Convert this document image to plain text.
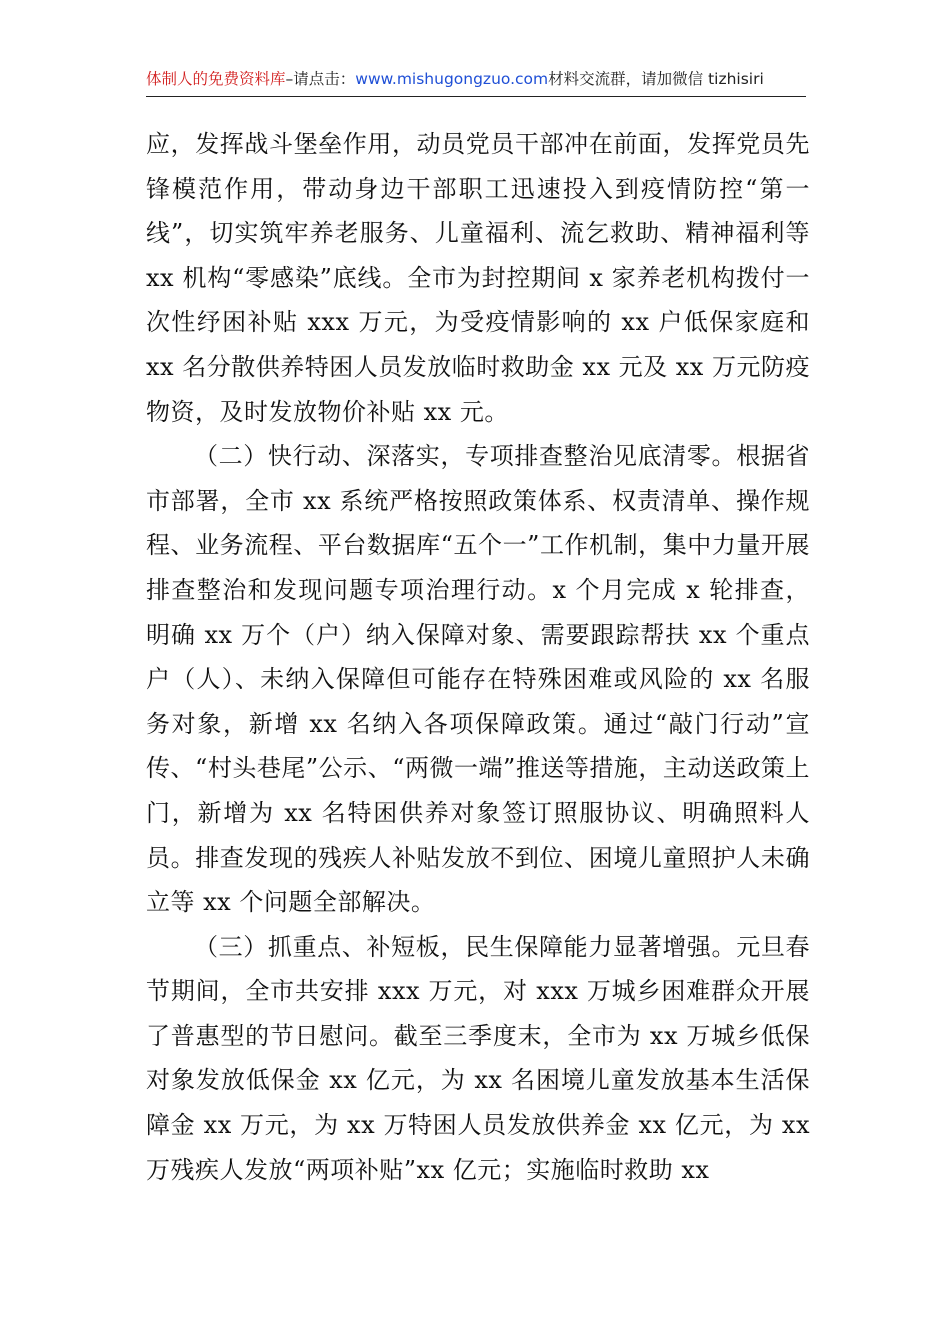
体制人的免费资料库–请点击：www.mishugongzuo.com材料交流群，请加微信 tizhisiri

应，发挥战斗堡垒作用，动员党员干部冲在前面，发挥党员先锋模范作用，带动身边干部职工迅速投入到疫情防控“第一线”，切实筑牢养老服务、儿童福利、流乞救助、精神福利等 xx 机构“零感染”底线。全市为封控期间 x 家养老机构拨付一次性纾困补贴 xxx 万元，为受疫情影响的 xx 户低保家庭和 xx 名分散供养特困人员发放临时救助金 xx 元及 xx 万元防疫物资，及时发放物价补贴 xx 元。

（二）快行动、深落实，专项排查整治见底清零。根据省市部署，全市 xx 系统严格按照政策体系、权责清单、操作规程、业务流程、平台数据库“五个一”工作机制，集中力量开展排查整治和发现问题专项治理行动。x 个月完成 x 轮排查，明确 xx 万个（户）纳入保障对象、需要跟踪帮扶 xx 个重点户（人）、未纳入保障但可能存在特殊困难或风险的 xx 名服务对象，新增 xx 名纳入各项保障政策。通过“敲门行动”宣传、“村头巷尾”公示、“两微一端”推送等措施，主动送政策上门，新增为 xx 名特困供养对象签订照服协议、明确照料人员。排查发现的残疾人补贴发放不到位、困境儿童照护人未确立等 xx 个问题全部解决。

（三）抓重点、补短板，民生保障能力显著增强。元旦春节期间，全市共安排 xxx 万元，对 xxx 万城乡困难群众开展了普惠型的节日慰问。截至三季度末，全市为 xx 万城乡低保对象发放低保金 xx 亿元，为 xx 名困境儿童发放基本生活保障金 xx 万元，为 xx 万特困人员发放供养金 xx 亿元，为 xx 万残疾人发放“两项补贴”xx 亿元；实施临时救助 xx
